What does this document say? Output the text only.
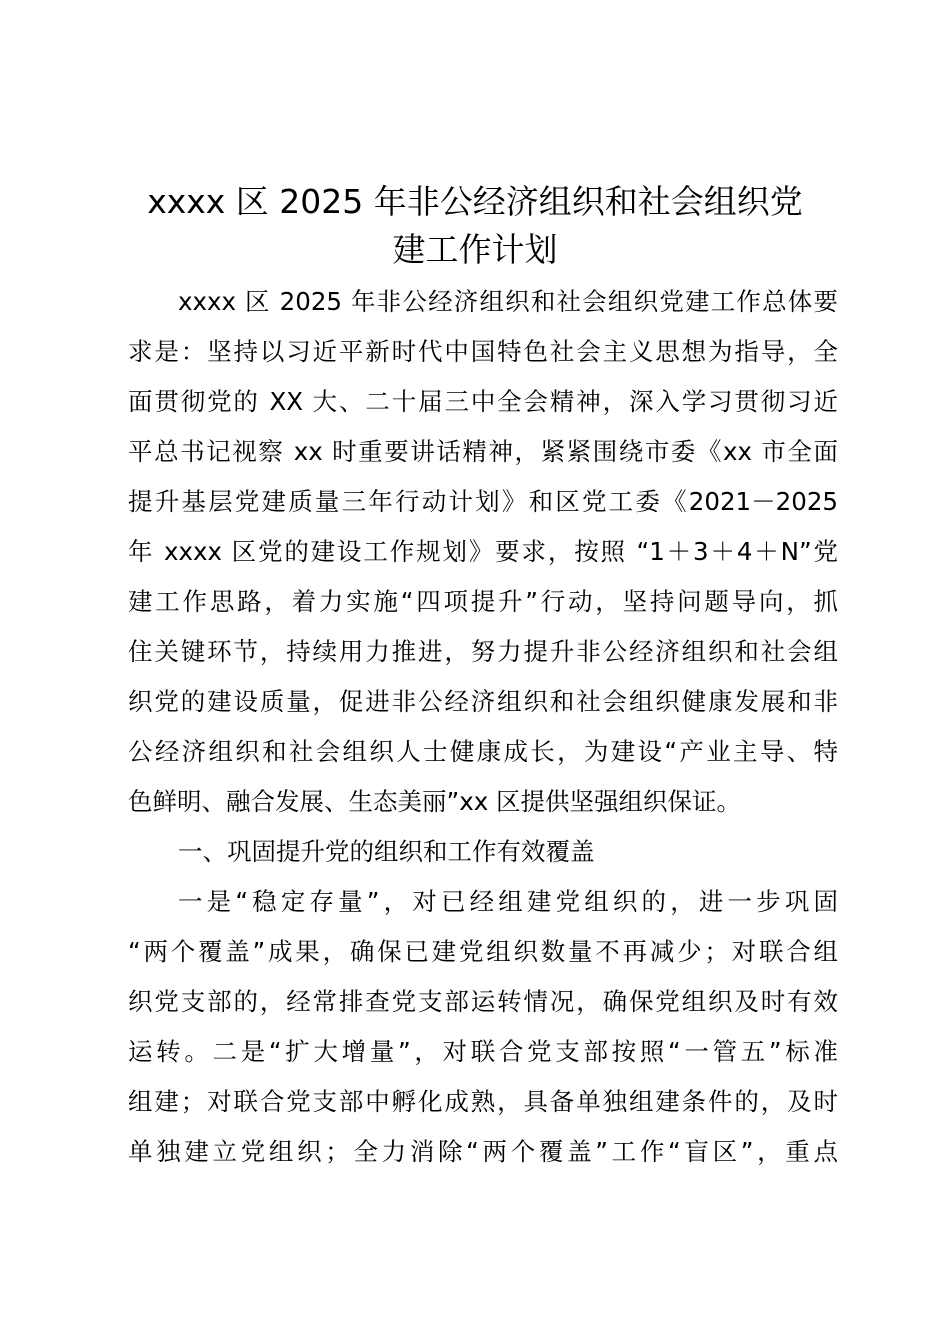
xxxx 区 2025 年非公经济组织和社会组织党
建工作计划
xxxx 区 2025 年非公经济组织和社会组织党建工作总体要
求是：坚持以习近平新时代中国特色社会主义思想为指导，全
面贯彻党的 XX 大、二十届三中全会精神，深入学习贯彻习近
平总书记视察 xx 时重要讲话精神，紧紧围绕市委《xx 市全面
提升基层党建质量三年行动计划》和区党工委《2021－2025
年 xxxx 区党的建设工作规划》要求，按照 “1＋3＋4＋N”党
建工作思路，着力实施“四项提升”行动，坚持问题导向，抓
住关键环节，持续用力推进，努力提升非公经济组织和社会组
织党的建设质量，促进非公经济组织和社会组织健康发展和非
公经济组织和社会组织人士健康成长，为建设“产业主导、特
色鲜明、融合发展、生态美丽”xx 区提供坚强组织保证。
一、巩固提升党的组织和工作有效覆盖
一是“稳定存量”，对已经组建党组织的，进一步巩固
“两个覆盖”成果，确保已建党组织数量不再减少；对联合组
织党支部的，经常排查党支部运转情况，确保党组织及时有效
运转。二是“扩大增量”，对联合党支部按照“一管五”标准
组建；对联合党支部中孵化成熟，具备单独组建条件的，及时
单独建立党组织；全力消除“两个覆盖”工作“盲区”，重点
